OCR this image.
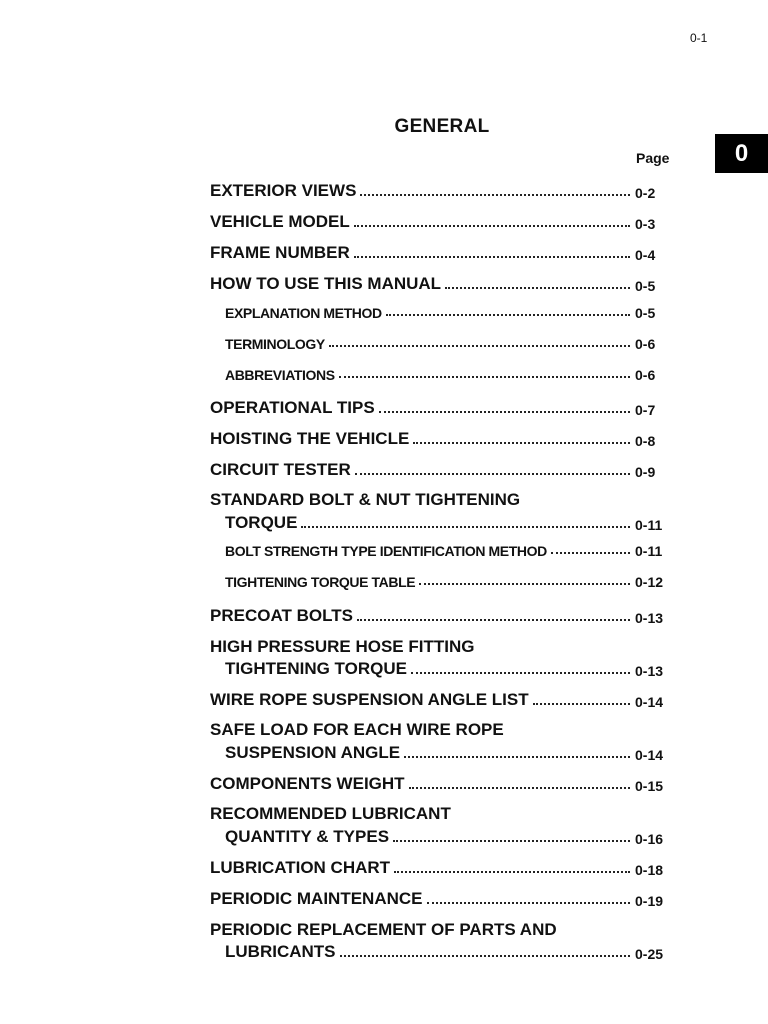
0-1
GENERAL
0
Page
EXTERIOR VIEWS	0-2
VEHICLE MODEL	0-3
FRAME NUMBER	0-4
HOW TO USE THIS MANUAL	0-5
EXPLANATION METHOD	0-5
TERMINOLOGY	0-6
ABBREVIATIONS	0-6
OPERATIONAL TIPS	0-7
HOISTING THE VEHICLE	0-8
CIRCUIT TESTER	0-9
STANDARD BOLT & NUT TIGHTENING
TORQUE	0-11
BOLT STRENGTH TYPE IDENTIFICATION METHOD	0-11
TIGHTENING TORQUE TABLE	0-12
PRECOAT BOLTS	0-13
HIGH PRESSURE HOSE FITTING
TIGHTENING TORQUE	0-13
WIRE ROPE SUSPENSION ANGLE LIST	0-14
SAFE LOAD FOR EACH WIRE ROPE
SUSPENSION ANGLE	0-14
COMPONENTS WEIGHT	0-15
RECOMMENDED LUBRICANT
QUANTITY & TYPES	0-16
LUBRICATION CHART	0-18
PERIODIC MAINTENANCE	0-19
PERIODIC REPLACEMENT OF PARTS AND
LUBRICANTS	0-25
